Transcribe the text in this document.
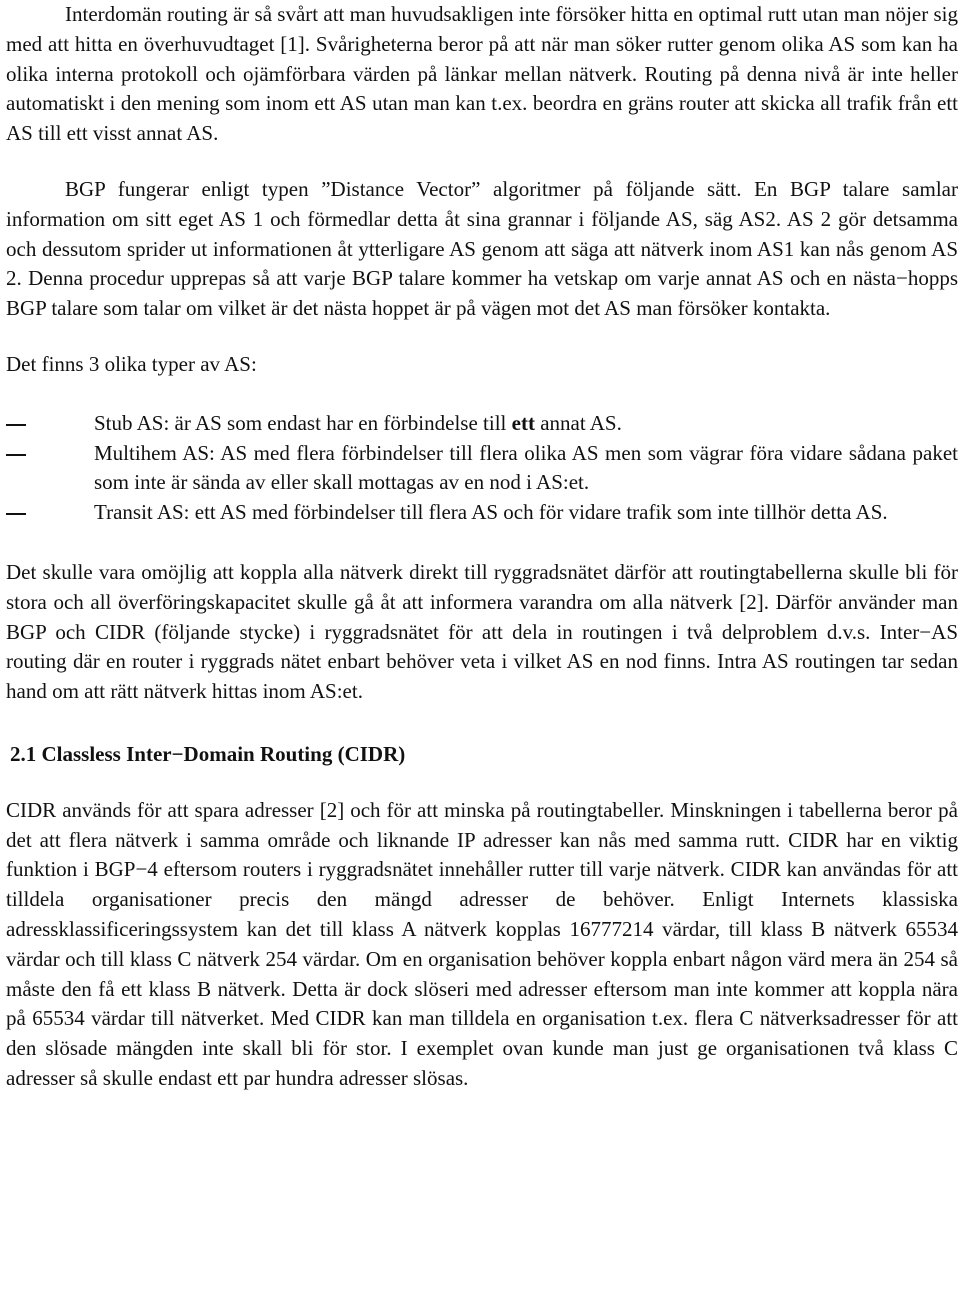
Interdomän routing är så svårt att man huvudsakligen inte försöker hitta en optimal rutt utan man nöjer sig med att hitta en överhuvudtaget [1]. Svårigheterna beror på att när man söker rutter genom olika AS som kan ha olika interna protokoll och ojämförbara värden på länkar mellan nätverk. Routing på denna nivå är inte heller automatiskt i den mening som inom ett AS utan man kan t.ex. beordra en gräns router att skicka all trafik från ett AS till ett visst annat AS.

BGP fungerar enligt typen ”Distance Vector” algoritmer på följande sätt. En BGP talare samlar information om sitt eget AS 1 och förmedlar detta åt sina grannar i följande AS, säg AS2. AS 2 gör detsamma och dessutom sprider ut informationen åt ytterligare AS genom att säga att nätverk inom AS1 kan nås genom AS 2. Denna procedur upprepas så att varje BGP talare kommer ha vetskap om varje annat AS och en nästa−hopps BGP talare som talar om vilket är det nästa hoppet är på vägen mot det AS man försöker kontakta.

Det finns 3 olika typer av AS:

Stub AS: är AS som endast har en förbindelse till ett annat AS.
Multihem AS: AS med flera förbindelser till flera olika AS men som vägrar föra vidare sådana paket som inte är sända av eller skall mottagas av en nod i AS:et.
Transit AS: ett AS med förbindelser till flera AS och för vidare trafik som inte tillhör detta AS.

Det skulle vara omöjlig att koppla alla nätverk direkt till ryggradsnätet därför att routingtabellerna skulle bli för stora och all överföringskapacitet skulle gå åt att informera varandra om alla nätverk [2]. Därför använder man BGP och CIDR (följande stycke) i ryggradsnätet för att dela in routingen i två delproblem d.v.s. Inter−AS routing där en router i ryggrads nätet enbart behöver veta i vilket AS en nod finns. Intra AS routingen tar sedan hand om att rätt nätverk hittas inom AS:et.

2.1 Classless Inter−Domain Routing (CIDR)

CIDR används för att spara adresser [2] och för att minska på routingtabeller. Minskningen i tabellerna beror på det att flera nätverk i samma område och liknande IP adresser kan nås med samma rutt. CIDR har en viktig funktion i BGP−4 eftersom routers i ryggradsnätet innehåller rutter till varje nätverk. CIDR kan användas för att tilldela organisationer precis den mängd adresser de behöver. Enligt Internets klassiska adressklassificeringssystem kan det till klass A nätverk kopplas 16777214 värdar, till klass B nätverk 65534 värdar och till klass C nätverk 254 värdar. Om en organisation behöver koppla enbart någon värd mera än 254 så måste den få ett klass B nätverk. Detta är dock slöseri med adresser eftersom man inte kommer att koppla nära på 65534 värdar till nätverket. Med CIDR kan man tilldela en organisation t.ex. flera C nätverksadresser för att den slösade mängden inte skall bli för stor. I exemplet ovan kunde man just ge organisationen två klass C adresser så skulle endast ett par hundra adresser slösas.
